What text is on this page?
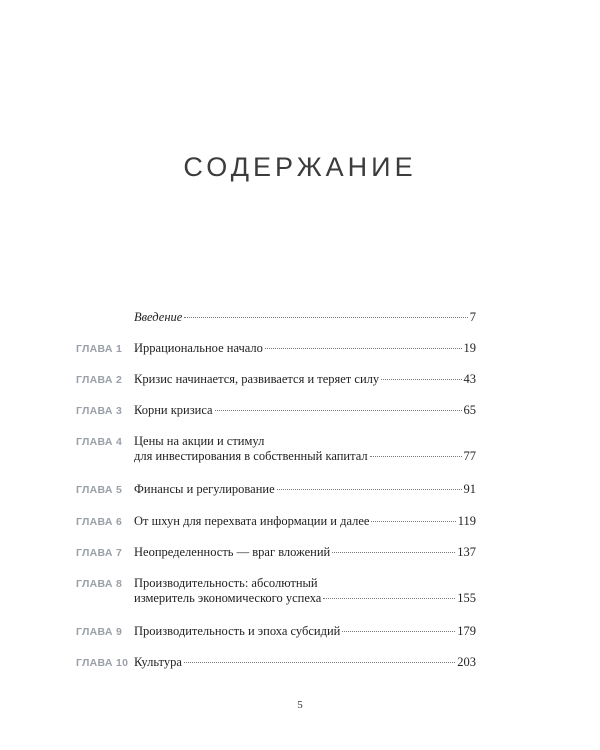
СОДЕРЖАНИЕ
Введение	7
ГЛАВА 1 Иррациональное начало	19
ГЛАВА 2 Кризис начинается, развивается и теряет силу	43
ГЛАВА 3 Корни кризиса	65
ГЛАВА 4 Цены на акции и стимул
для инвестирования в собственный капитал	77
ГЛАВА 5 Финансы и регулирование	91
ГЛАВА 6 От шхун для перехвата информации и далее	119
ГЛАВА 7 Неопределенность — враг вложений	137
ГЛАВА 8 Производительность: абсолютный
измеритель экономического успеха	155
ГЛАВА 9 Производительность и эпоха субсидий	179
ГЛАВА 10 Культура	203
5
